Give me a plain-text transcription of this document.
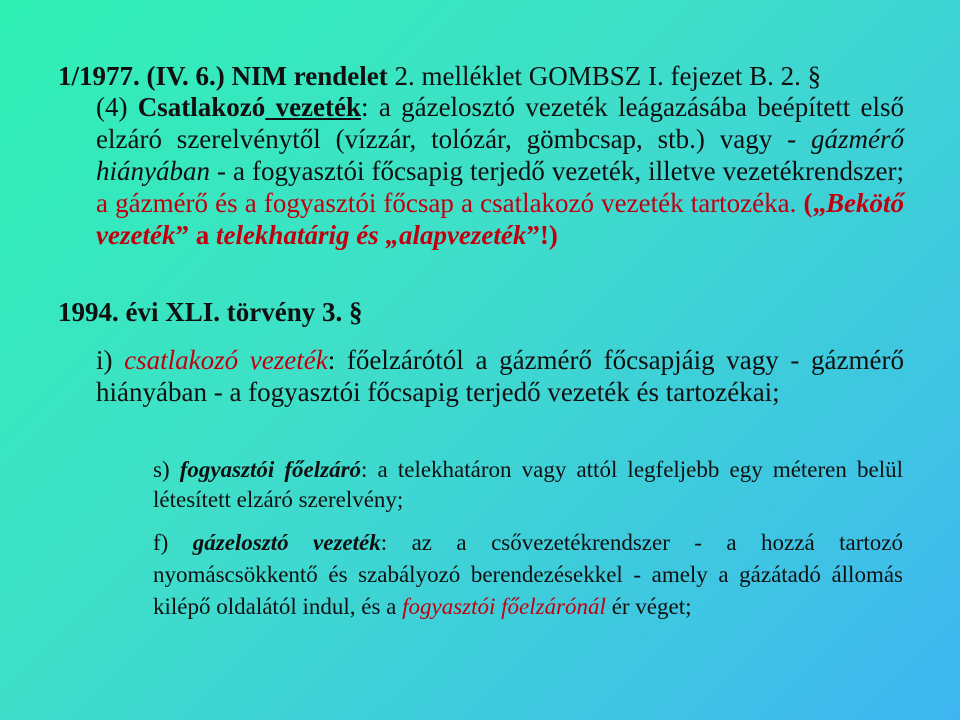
1/1977. (IV. 6.) NIM rendelet 2. melléklet GOMBSZ I. fejezet B. 2. §
(4) Csatlakozó vezeték: a gázelosztó vezeték leágazásába beépített első elzáró szerelvénytől (vízzár, tolózár, gömbcsap, stb.) vagy - gázmérő hiányában - a fogyasztói főcsapig terjedő vezeték, illetve vezetékrendszer; a gázmérő és a fogyasztói főcsap a csatlakozó vezeték tartozéka. („Bekötő vezeték” a telekhatárig és „alapvezeték”!)
1994. évi XLI. törvény 3. §
i) csatlakozó vezeték: főelzárótól a gázmérő főcsapjáig vagy - gázmérő hiányában - a fogyasztói főcsapig terjedő vezeték és tartozékai;
s) fogyasztói főelzáró: a telekhatáron vagy attól legfeljebb egy méteren belül létesített elzáró szerelvény;
f) gázelosztó vezeték: az a csővezetékrendszer - a hozzá tartozó nyomáscsökkentő és szabályozó berendezésekkel - amely a gázátadó állomás kilépő oldalától indul, és a fogyasztói főelzárónál ér véget;
